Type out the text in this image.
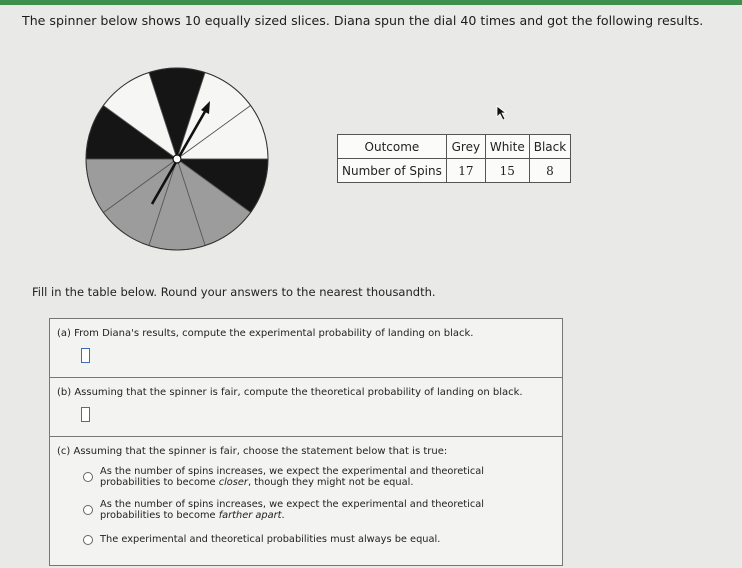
The spinner below shows 10 equally sized slices. Diana spun the dial 40 times and got the following results.
Outcome	Grey	White	Black
Number of Spins	17	15	8
Fill in the table below. Round your answers to the nearest thousandth.
(a) From Diana's results, compute the experimental probability of landing on black.
(b) Assuming that the spinner is fair, compute the theoretical probability of landing on black.
(c) Assuming that the spinner is fair, choose the statement below that is true:
As the number of spins increases, we expect the experimental and theoretical
probabilities to become closer, though they might not be equal.
As the number of spins increases, we expect the experimental and theoretical
probabilities to become farther apart.
The experimental and theoretical probabilities must always be equal.
